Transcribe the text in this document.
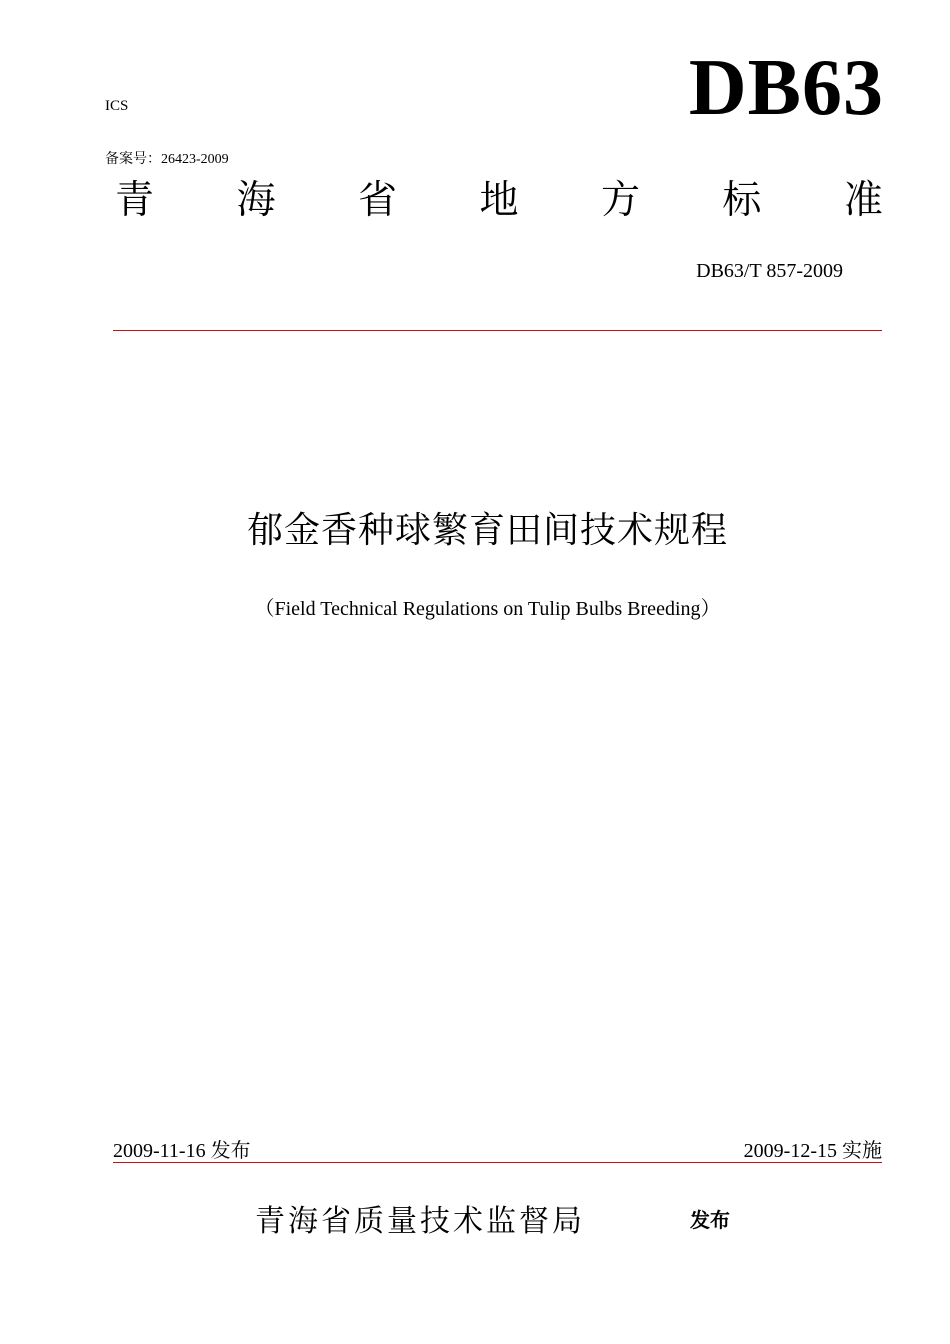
ICS	DB63
备案号：26423-2009
青 海 省 地 方 标 准
DB63/T 857-2009
郁金香种球繁育田间技术规程
（Field Technical Regulations on Tulip Bulbs Breeding）
2009-11-16 发布	2009-12-15 实施
青海省质量技术监督局	发布
